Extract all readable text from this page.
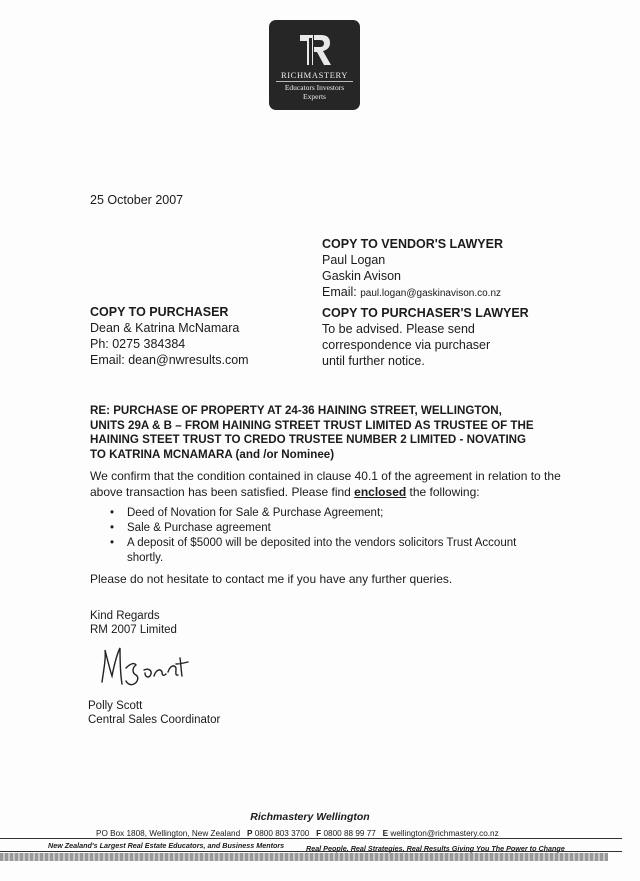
RICHMASTERY
Educators Investors
Experts
25 October 2007
COPY TO VENDOR'S LAWYER
Paul Logan
Gaskin Avison
Email: paul.logan@gaskinavison.co.nz
COPY TO PURCHASER
Dean & Katrina McNamara
Ph: 0275 384384
Email: dean@nwresults.com
COPY TO PURCHASER'S LAWYER
To be advised. Please send
correspondence via purchaser
until further notice.
RE: PURCHASE OF PROPERTY AT 24-36 HAINING STREET, WELLINGTON,
UNITS 29A & B – FROM HAINING STREET TRUST LIMITED AS TRUSTEE OF THE
HAINING STEET TRUST TO CREDO TRUSTEE NUMBER 2 LIMITED - NOVATING
TO KATRINA MCNAMARA (and /or Nominee)
We confirm that the condition contained in clause 40.1 of the agreement in relation to the
above transaction has been satisfied. Please find enclosed the following:
• Deed of Novation for Sale & Purchase Agreement;
• Sale & Purchase agreement
• A deposit of $5000 will be deposited into the vendors solicitors Trust Account
shortly.
Please do not hesitate to contact me if you have any further queries.
Kind Regards
RM 2007 Limited
Polly Scott
Central Sales Coordinator
Richmastery Wellington
PO Box 1808, Wellington, New Zealand P 0800 803 3700 F 0800 88 99 77 E wellington@richmastery.co.nz
New Zealand's Largest Real Estate Educators, and Business Mentors	Real People, Real Strategies, Real Results Giving You The Power to Change
